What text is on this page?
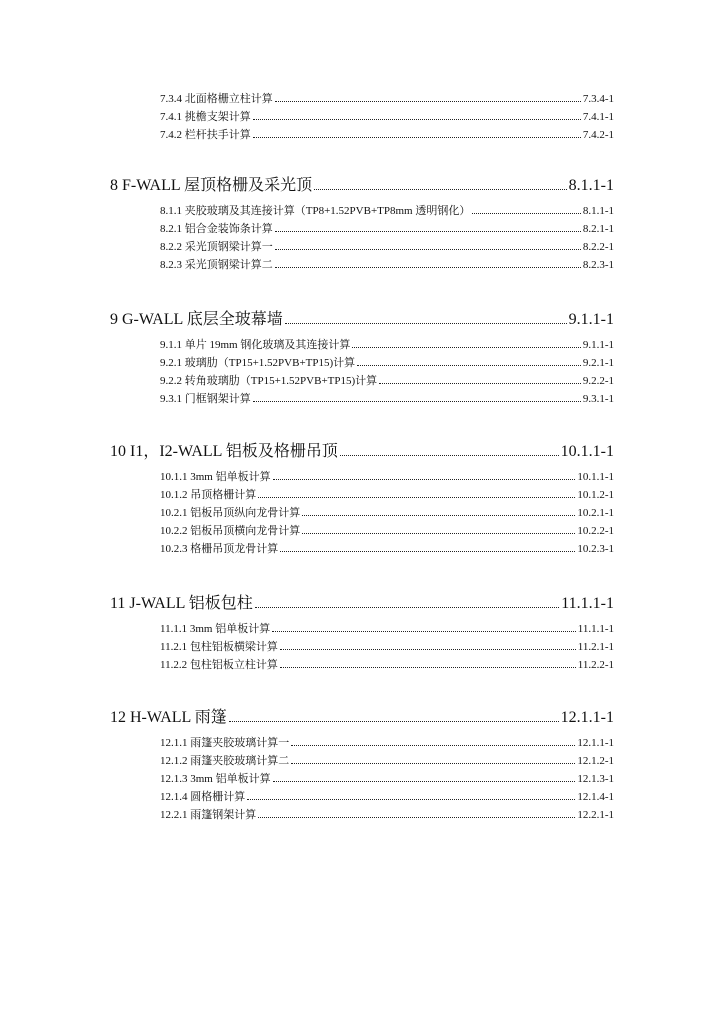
7.3.4 北面格栅立柱计算	7.3.4-1
7.4.1 挑檐支架计算	7.4.1-1
7.4.2 栏杆扶手计算	7.4.2-1
8 F-WALL 屋顶格栅及采光顶	8.1.1-1
8.1.1 夹胶玻璃及其连接计算（TP8+1.52PVB+TP8mm 透明钢化）	8.1.1-1
8.2.1 铝合金装饰条计算	8.2.1-1
8.2.2 采光顶钢梁计算一	8.2.2-1
8.2.3 采光顶钢梁计算二	8.2.3-1
9 G-WALL 底层全玻幕墙	9.1.1-1
9.1.1 单片 19mm 钢化玻璃及其连接计算	9.1.1-1
9.2.1 玻璃肋（TP15+1.52PVB+TP15)计算	9.2.1-1
9.2.2 转角玻璃肋（TP15+1.52PVB+TP15)计算	9.2.2-1
9.3.1 门框钢架计算	9.3.1-1
10 I1，I2-WALL 铝板及格栅吊顶	10.1.1-1
10.1.1 3mm 铝单板计算	10.1.1-1
10.1.2 吊顶格栅计算	10.1.2-1
10.2.1 铝板吊顶纵向龙骨计算	10.2.1-1
10.2.2 铝板吊顶横向龙骨计算	10.2.2-1
10.2.3 格栅吊顶龙骨计算	10.2.3-1
11 J-WALL 铝板包柱	11.1.1-1
11.1.1 3mm 铝单板计算	11.1.1-1
11.2.1 包柱铝板横梁计算	11.2.1-1
11.2.2 包柱铝板立柱计算	11.2.2-1
12 H-WALL 雨篷	12.1.1-1
12.1.1 雨篷夹胶玻璃计算一	12.1.1-1
12.1.2 雨篷夹胶玻璃计算二	12.1.2-1
12.1.3 3mm 铝单板计算	12.1.3-1
12.1.4 圆格栅计算	12.1.4-1
12.2.1 雨篷钢架计算	12.2.1-1
